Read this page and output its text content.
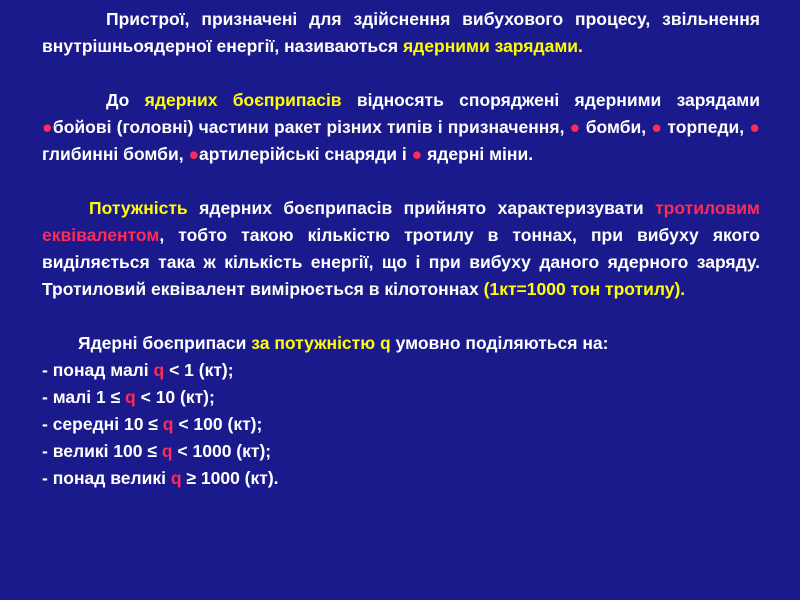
Пристрої, призначені для здійснення вибухового процесу, звільнення внутрішньоядерної енергії, називаються ядерними зарядами.

До ядерних боєприпасів відносять споряджені ядерними зарядами ●бойові (головні) частини ракет різних типів і призначення, ● бомби, ● торпеди, ● глибинні бомби, ●артилерійські снаряди і ● ядерні міни.

Потужність ядерних боєприпасів прийнято характеризувати тротиловим еквівалентом, тобто такою кількістю тротилу в тоннах, при вибуху якого виділяється така ж кількість енергії, що і при вибуху даного ядерного заряду. Тротиловий еквівалент вимірюється в кілотоннах (1кт=1000 тон тротилу).

Ядерні боєприпаси за потужністю q умовно поділяються на:

- понад малі q < 1 (кт);

- малі 1 ≤ q < 10 (кт);

- середні 10 ≤ q < 100 (кт);

- великі 100 ≤ q < 1000 (кт);

- понад великі q ≥ 1000 (кт).
